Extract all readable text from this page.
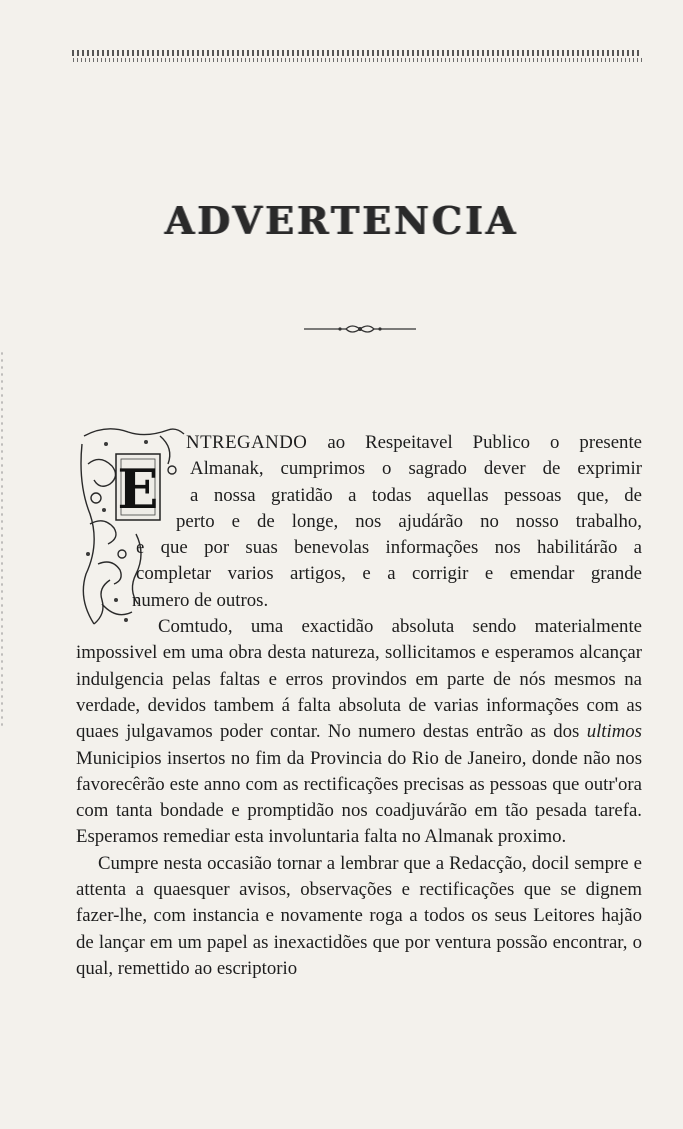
ADVERTENCIA
E
NTREGANDO ao Respeitavel Publico o presente
Almanak, cumprimos o sagrado dever de exprimir
a nossa gratidão a todas aquellas pessoas que, de
perto e de longe, nos ajudárão no nosso trabalho,
e que por suas benevolas informações nos habilitárão a
completar varios artigos, e a corrigir e emendar grande
numero de outros.

Comtudo, uma exactidão absoluta sendo materialmente impossivel em uma obra desta natureza, sollicitamos e esperamos alcançar indulgencia pelas faltas e erros provindos em parte de nós mesmos na verdade, devidos tambem á falta absoluta de varias informações com as quaes julgavamos poder contar. No numero destas entrão as dos ultimos Municipios insertos no fim da Provincia do Rio de Janeiro, donde não nos favorecêrão este anno com as rectificações precisas as pessoas que outr'ora com tanta bondade e promptidão nos coadjuvárão em tão pesada tarefa. Esperamos remediar esta involuntaria falta no Almanak proximo.

Cumpre nesta occasião tornar a lembrar que a Redacção, docil sempre e attenta a quaesquer avisos, observações e rectificações que se dignem fazer-lhe, com instancia e novamente roga a todos os seus Leitores hajão de lançar em um papel as inexactidões que por ventura possão encontrar, o qual, remettido ao escriptorio
